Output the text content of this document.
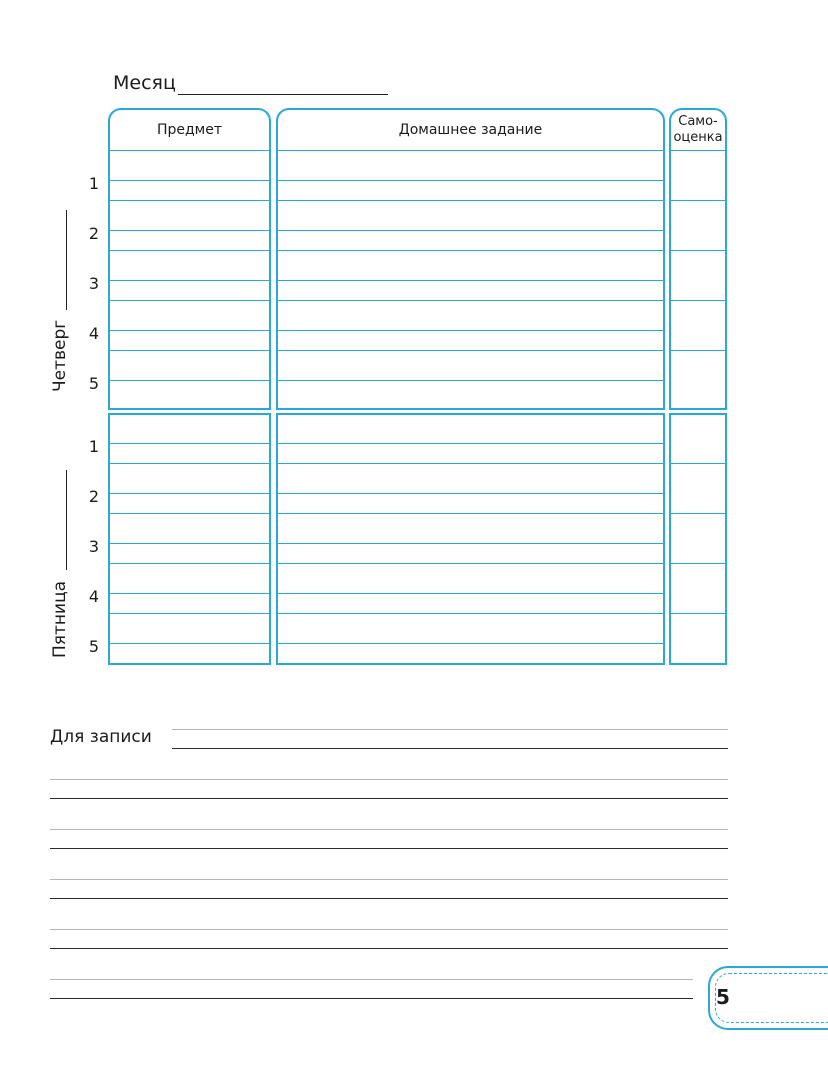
Месяц
Предмет	Домашнее задание	Само-
оценка
1
2
3
4
5
1
2
3
4
5
Четверг
Пятница
Для записи
5
